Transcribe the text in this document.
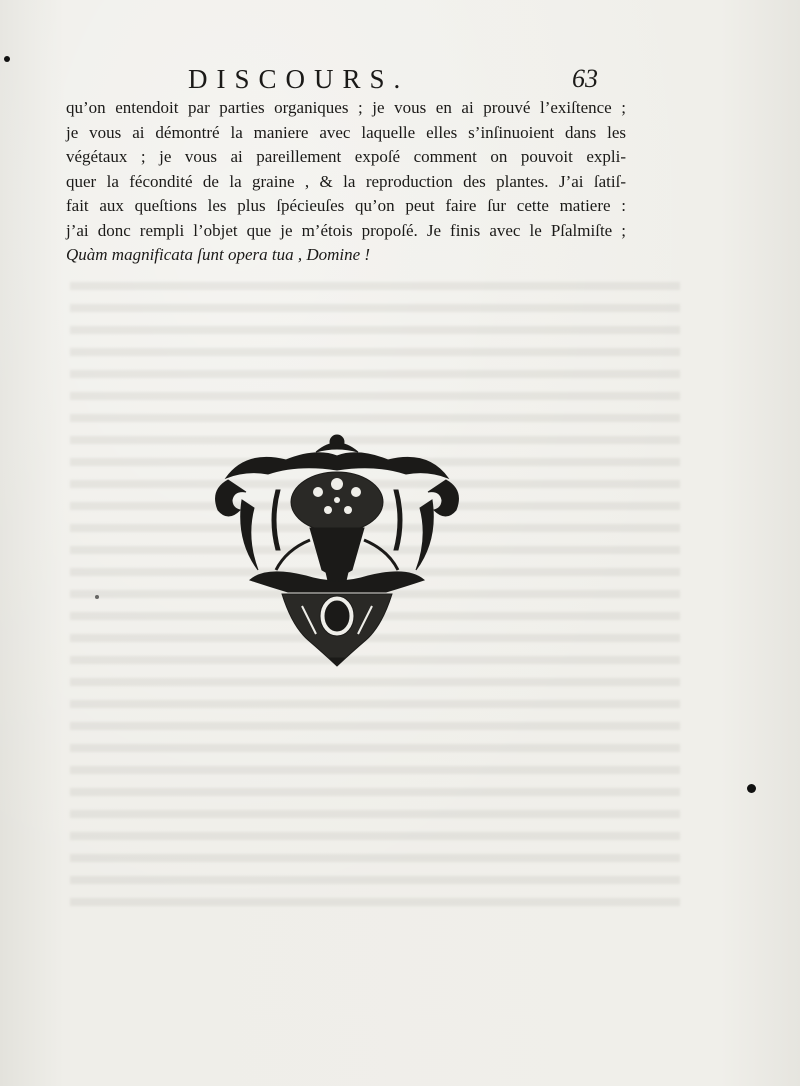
DISCOURS.	63
qu’on entendoit par parties organiques ; je vous en ai prouvé l’exiſtence ;
je vous ai démontré la maniere avec laquelle elles s’inſinuoient dans les
végétaux ; je vous ai pareillement expoſé comment on pouvoit expli-
quer la fécondité de la graine , & la reproduction des plantes. J’ai ſatiſ-
fait aux queſtions les plus ſpécieuſes qu’on peut faire ſur cette matiere :
j’ai donc rempli l’objet que je m’étois propoſé. Je finis avec le Pſalmiſte ;
Quàm magnificata ſunt opera tua , Domine !
